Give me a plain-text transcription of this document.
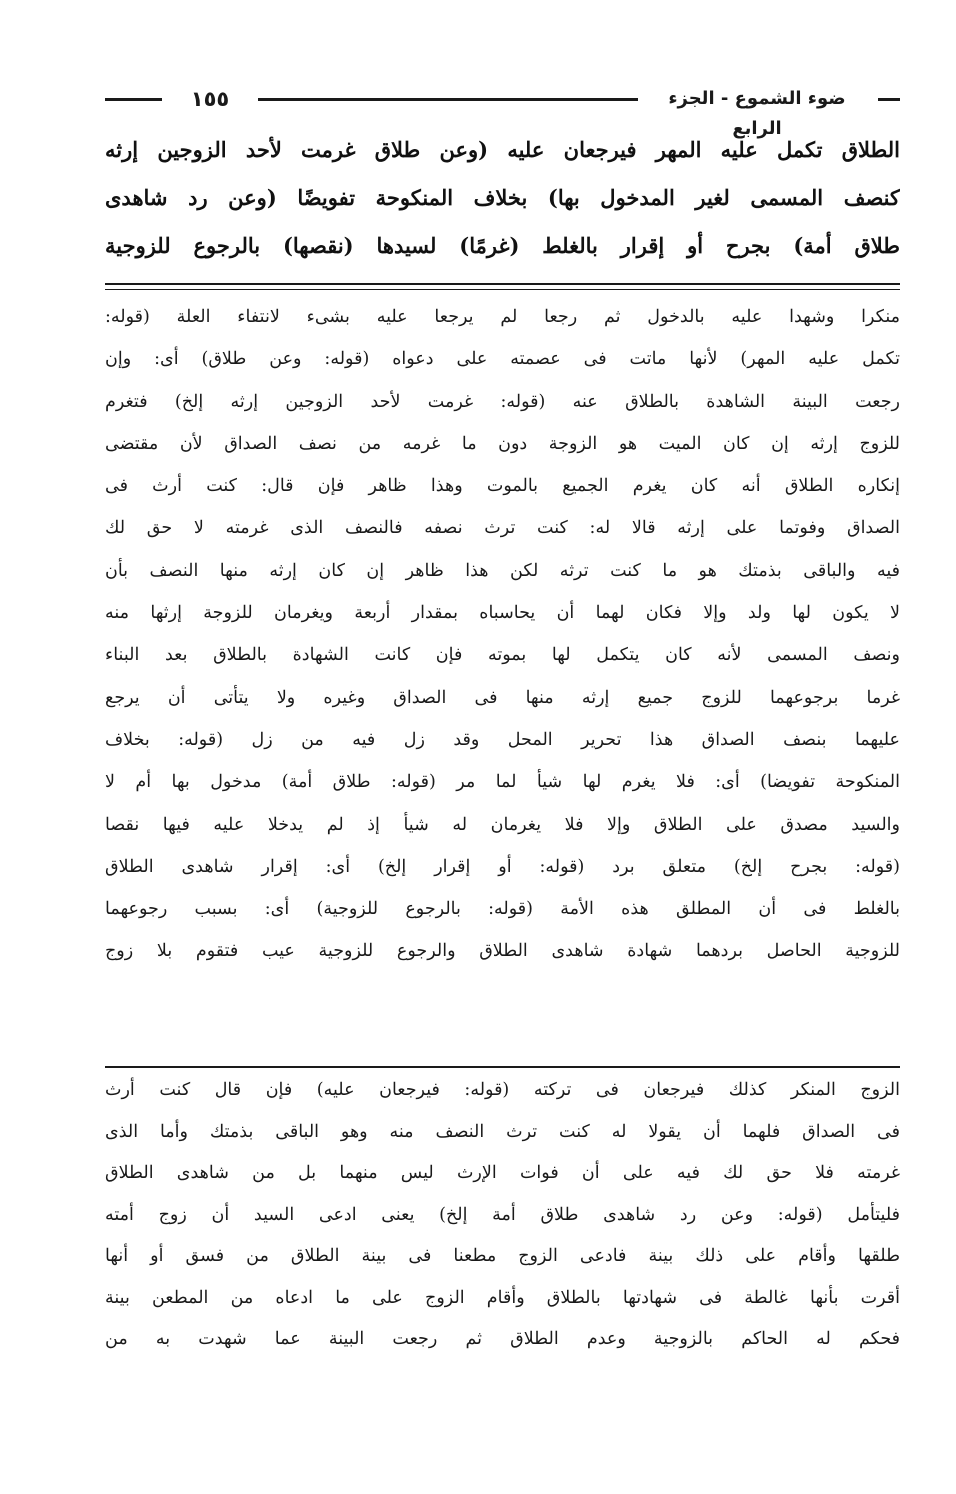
ضوء الشموع - الجزء الرابع
١٥٥
الطلاق تكمل عليه المهر فيرجعان عليه (وعن طلاق غرمت لأحد الزوجين إرثه
كنصف المسمى لغير المدخول بها) بخلاف المنكوحة تفويضًا (وعن رد شاهدى
طلاق أمة) بجرح أو إقرار بالغلط (غرمًا) لسيدها (نقصها) بالرجوع للزوجية
منكرا وشهدا عليه بالدخول ثم رجعا لم يرجعا عليه بشىء لانتفاء العلة (قوله:
تكمل عليه المهر) لأنها ماتت فى عصمته على دعواه (قوله: وعن طلاق) أى: وإن
رجعت البينة الشاهدة بالطلاق عنه (قوله: غرمت لأحد الزوجين إرثه إلخ) فتغرم
للزوج إرثه إن كان الميت هو الزوجة دون ما غرمه من نصف الصداق لأن مقتضى
إنكاره الطلاق أنه كان يغرم الجميع بالموت وهذا ظاهر فإن قال: كنت أرث فى
الصداق وفوتما على إرثه قالا له: كنت ترث نصفه فالنصف الذى غرمته لا حق لك
فيه والباقى بذمتك هو ما كنت ترثه لكن هذا ظاهر إن كان إرثه منها النصف بأن
لا يكون لها ولد وإلا فكان لهما أن يحاسباه بمقدار أربعة ويغرمان للزوجة إرثها منه
ونصف المسمى لأنه كان يتكمل لها بموته فإن كانت الشهادة بالطلاق بعد البناء
غرما برجوعهما للزوج جميع إرثه منها فى الصداق وغيره ولا يتأتى أن يرجع
عليهما بنصف الصداق هذا تحرير المحل وقد زل فيه من زل (قوله: بخلاف
المنكوحة تفويضا) أى: فلا يغرم لها شيأ لما مر (قوله: طلاق أمة) مدخول بها أم لا
والسيد مصدق على الطلاق وإلا فلا يغرمان له شيأ إذ لم يدخلا عليه فيها نقصا
(قوله: بجرح إلخ) متعلق برد (قوله: أو إقرار إلخ) أى: إقرار شاهدى الطلاق
بالغلط فى أن المطلق هذه الأمة (قوله: بالرجوع للزوجية) أى: بسبب رجوعهما
للزوجية الحاصل بردهما شهادة شاهدى الطلاق والرجوع للزوجية عيب فتقوم بلا زوج
الزوج المنكر كذلك فيرجعان فى تركته (قوله: فيرجعان عليه) فإن قال كنت أرث
فى الصداق فلهما أن يقولا له كنت ترث النصف منه وهو الباقى بذمتك وأما الذى
غرمته فلا حق لك فيه على أن فوات الإرث ليس منهما بل من شاهدى الطلاق
فليتأمل (قوله: وعن رد شاهدى طلاق أمة إلخ) يعنى ادعى السيد أن زوج أمته
طلقها وأقام على ذلك بينة فادعى الزوج مطعنا فى بينة الطلاق من فسق أو أنها
أقرت بأنها غالطة فى شهادتها بالطلاق وأقام الزوج على ما ادعاه من المطعن بينة
فحكم له الحاكم بالزوجية وعدم الطلاق ثم رجعت البينة عما شهدت به من
